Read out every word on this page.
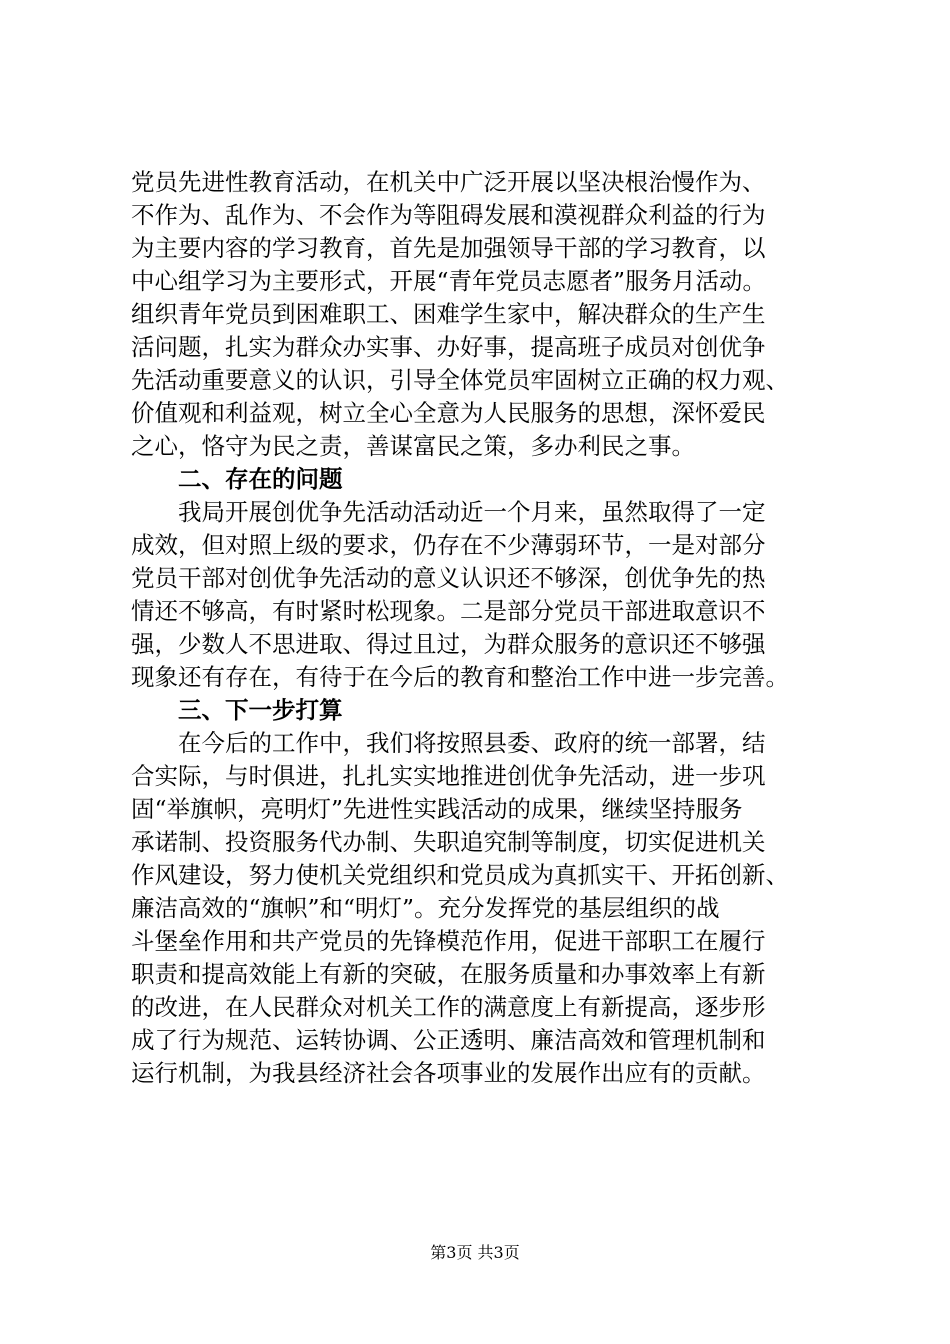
党员先进性教育活动，在机关中广泛开展以坚决根治慢作为、
不作为、乱作为、不会作为等阻碍发展和漠视群众利益的行为
为主要内容的学习教育，首先是加强领导干部的学习教育，以
中心组学习为主要形式，开展“青年党员志愿者”服务月活动。
组织青年党员到困难职工、困难学生家中，解决群众的生产生
活问题，扎实为群众办实事、办好事，提高班子成员对创优争
先活动重要意义的认识，引导全体党员牢固树立正确的权力观、
价值观和利益观，树立全心全意为人民服务的思想，深怀爱民
之心，恪守为民之责，善谋富民之策，多办利民之事。
二、存在的问题
我局开展创优争先活动活动近一个月来，虽然取得了一定
成效，但对照上级的要求，仍存在不少薄弱环节，一是对部分
党员干部对创优争先活动的意义认识还不够深，创优争先的热
情还不够高，有时紧时松现象。二是部分党员干部进取意识不
强，少数人不思进取、得过且过，为群众服务的意识还不够强
现象还有存在，有待于在今后的教育和整治工作中进一步完善。
三、下一步打算
在今后的工作中，我们将按照县委、政府的统一部署，结
合实际，与时俱进，扎扎实实地推进创优争先活动，进一步巩
固“举旗帜，亮明灯”先进性实践活动的成果，继续坚持服务
承诺制、投资服务代办制、失职追究制等制度，切实促进机关
作风建设，努力使机关党组织和党员成为真抓实干、开拓创新、
廉洁高效的“旗帜”和“明灯”。充分发挥党的基层组织的战
斗堡垒作用和共产党员的先锋模范作用，促进干部职工在履行
职责和提高效能上有新的突破，在服务质量和办事效率上有新
的改进，在人民群众对机关工作的满意度上有新提高，逐步形
成了行为规范、运转协调、公正透明、廉洁高效和管理机制和
运行机制，为我县经济社会各项事业的发展作出应有的贡献。
第3页 共3页
